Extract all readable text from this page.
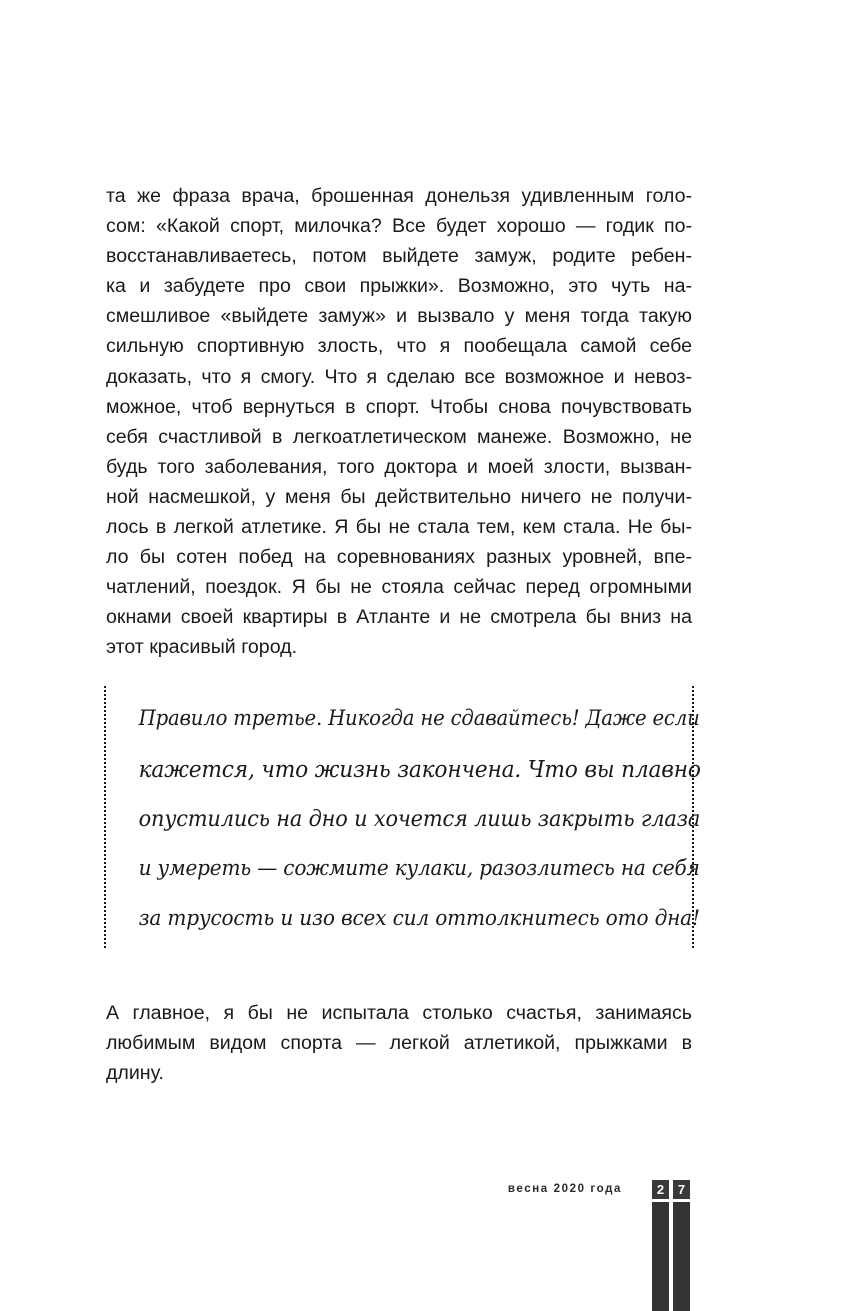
та же фраза врача, брошенная донельзя удивленным голо-
сом: «Какой спорт, милочка? Все будет хорошо — годик по-
восстанавливаетесь, потом выйдете замуж, родите ребен-
ка и забудете про свои прыжки». Возможно, это чуть на-
смешливое «выйдете замуж» и вызвало у меня тогда такую
сильную спортивную злость, что я пообещала самой себе
доказать, что я смогу. Что я сделаю все возможное и невоз-
можное, чтоб вернуться в спорт. Чтобы снова почувствовать
себя счастливой в легкоатлетическом манеже. Возможно, не
будь того заболевания, того доктора и моей злости, вызван-
ной насмешкой, у меня бы действительно ничего не получи-
лось в легкой атлетике. Я бы не стала тем, кем стала. Не бы-
ло бы сотен побед на соревнованиях разных уровней, впе-
чатлений, поездок. Я бы не стояла сейчас перед огромными
окнами своей квартиры в Атланте и не смотрела бы вниз на
этот красивый город.
Правило третье. Никогда не сдавайтесь! Даже если
кажется, что жизнь закончена. Что вы плавно
опустились на дно и хочется лишь закрыть глаза
и умереть — сожмите кулаки, разозлитесь на себя
за трусость и изо всех сил оттолкнитесь ото дна!
А главное, я бы не испытала столько счастья, занимаясь
любимым видом спорта — легкой атлетикой, прыжками в
длину.
весна 2020 года	2	7
